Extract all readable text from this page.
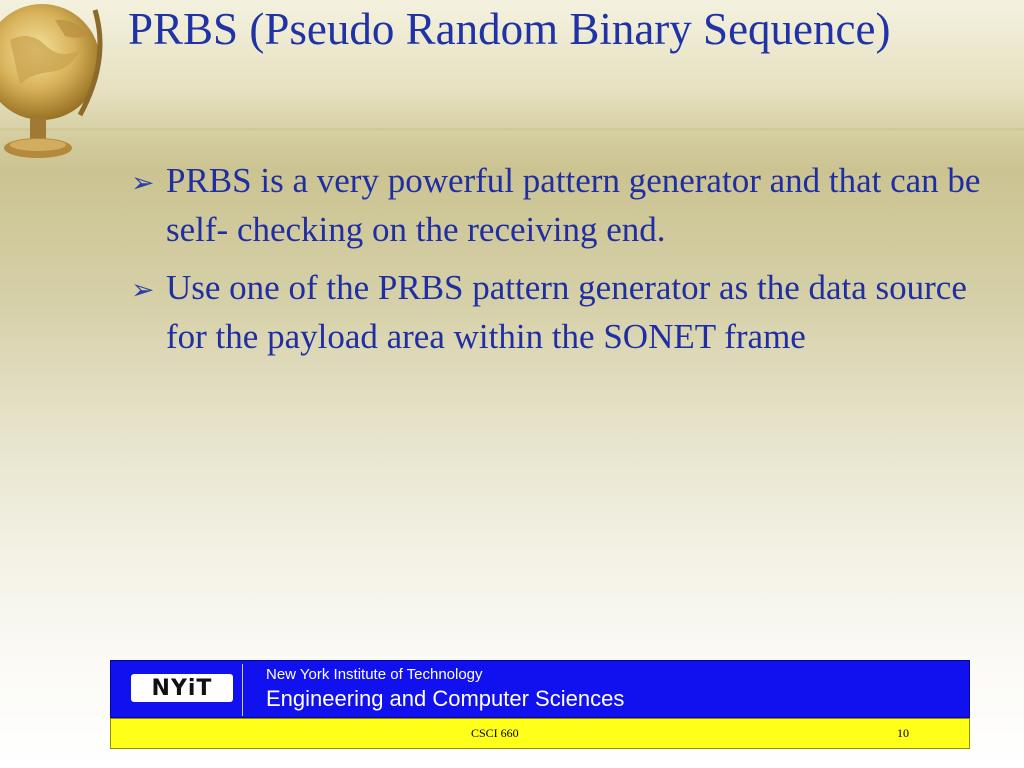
PRBS (Pseudo Random Binary Sequence)
➢ PRBS is a very powerful pattern generator and that can be self- checking on the receiving end.
➢ Use one of the PRBS pattern generator as the data source for the payload area within the SONET frame
NYiT
New York Institute of Technology
Engineering and Computer Sciences
CSCI 660	10
